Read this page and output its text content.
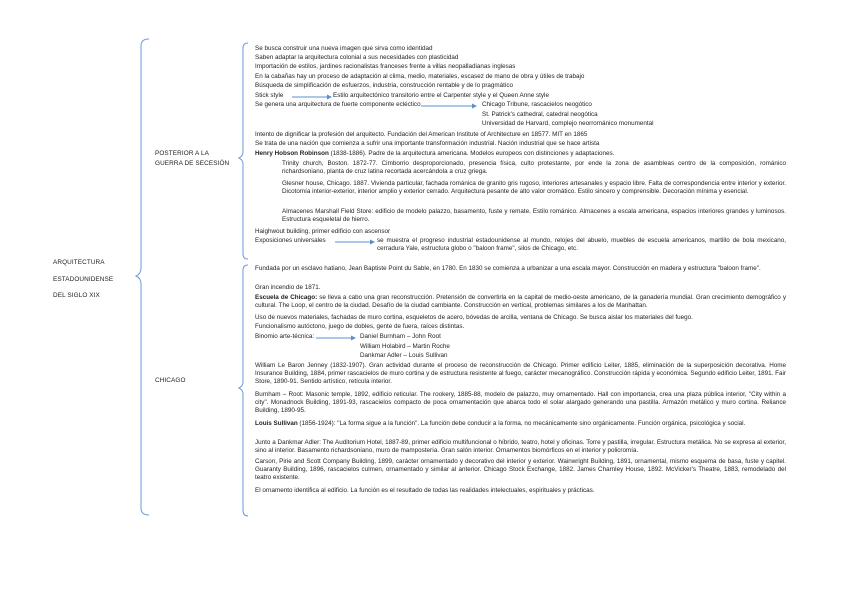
ARQUITECTURA
ESTADOUNIDENSE
DEL SIGLO XIX
POSTERIOR A LA
GUERRA DE SECESIÓN
CHICAGO
Se busca construir una nueva imagen que sirva como identidad
Saben adaptar la arquitectura colonial a sus necesidades con plasticidad
Importación de estilos, jardines racionalistas franceses frente a villas neopalladianas inglesas
En la cabañas hay un proceso de adaptación al clima, medio, materiales, escasez de mano de obra y útiles de trabajo
Búsqueda de simplificación de esfuerzos, industria, construcción rentable y de lo pragmático
Stick style	Estilo arquitectónico transitorio entre el Carpenter style y el Queen Anne style
Se genera una arquitectura de fuerte componente ecléctico	Chicago Tribune, rascacielos neogótico
St. Patrick's cathedral, catedral neogótica
Universidad de Harvard, complejo neorrománico monumental
Intento de dignificar la profesión del arquitecto. Fundación del American Institute of Architecture en 18577. MIT en 1865
Se trata de una nación que comienza a sufrir una importante transformación industrial. Nación industrial que se hace artista
Henry Hobson Robinson (1838-1886). Padre de la arquitectura americana. Modelos europeos con distinciones y adaptaciones.
Trinity church, Boston. 1872-77. Cimborrio desproporcionado, presencia física, culto protestante, por ende la zona de asambleas centro de la composición, románico richardsoniano, planta de cruz latina recortada acercándola a cruz griega.
Glesner house, Chicago. 1887. Vivienda particular, fachada románica de granito gris rugoso, interiores artesanales y espacio libre. Falta de correspondencia entre interior y exterior. Dicotomía interior-exterior, interior amplio y exterior cerrado. Arquitectura pesante de alto valor cromático. Estilo sincero y comprensible. Decoración mínima y esencial.
Almacenes Marshall Field Store: edificio de modelo palazzo, basamento, fuste y remate. Estilo románico. Almacenes a escala americana, espacios interiores grandes y luminosos. Estructura esqueletal de hierro.
Haighwout building, primer edificio con ascensor
Exposiciones universales	se muestra el progreso industrial estadounidense al mundo, relojes del abuelo, muebles de escuela americanos, martillo de bola mexicano, cerradura Yale, estructura globo o "baloon frame", silos de Chicago, etc.
Fundada por un esclavo hatiano, Jean Baptiste Point du Sable, en 1780. En 1830 se comienza a urbanizar a una escala mayor. Construcción en madera y estructura "baloon frame".
Gran incendio de 1871.
Escuela de Chicago: se lleva a cabo una gran reconstrucción. Pretensión de convertirla en la capital de medio-oeste americano, de la ganadería mundial. Gran crecimiento demográfico y cultural. The Loop, el centro de la ciudad. Desafío de la ciudad cambiante. Construcción en vertical, problemas similares a los de Manhattan.
Uso de nuevos materiales, fachadas de muro cortina, esqueletos de acero, bóvedas de arcilla, ventana de Chicago. Se busca aislar los materiales del fuego.
Funcionalismo autóctono, juego de dobles, gente de fuera, raíces distintas.
Binomio arte-técnica:	Daniel Burnham – John Root
William Holabird – Martin Roche
Dankmar Adler – Louis Sullivan
William Le Baron Jenney (1832-1907). Gran actividad durante el proceso de reconstrucción de Chicago. Primer edificio Leiter, 1885, eliminación de la superposición decorativa. Home Insurance Building, 1884, primer rascacielos de muro cortina y de estructura resistente al fuego, carácter mecanográfico. Construcción rápida y económica. Segundo edificio Leiter, 1891. Fair Store, 1890-91. Sentido artístico, retícula interior.
Burnham – Root: Masonic temple, 1892, edificio reticular. The rookery, 1885-88, modelo de palazzo, muy ornamentado. Hall con importancia, crea una plaza pública interior, "City within a city". Monadnock Building, 1891-93, rascacielos compacto de poca ornamentación que abarca todo el solar alargado generando una pastilla. Armazón metálico y muro cortina. Reliance Building, 1890-95.
Louis Sullivan (1856-1924): "La forma sigue a la función". La función debe conducir a la forma, no mecánicamente sino orgánicamente. Función orgánica, psicológica y social.
Junto a Dankmar Adler: The Auditorium Hotel, 1887-89, primer edificio multifuncional o híbrido, teatro, hotel y oficinas. Torre y pastilla, irregular. Estructura metálica. No se expresa al exterior, sino al interior. Basamento richardsoniano, muro de mampostería. Gran salón interior. Ornamentos biomórficos en el interior y policromía.
Carson, Pirie and Scott Company Building, 1899, carácter ornamentado y decorativo del interior y exterior. Wainwright Building, 1891, ornamental, mismo esquema de basa, fuste y capitel. Guaranty Building, 1896, rascacielos culmen, ornamentado y similar al anterior. Chicago Stock Exchange, 1882. James Charnley House, 1892. McVicker's Theatre, 1883, remodelado del teatro existente.
El ornamento identifica al edificio. La función es el resultado de todas las realidades intelectuales, espirituales y prácticas.
